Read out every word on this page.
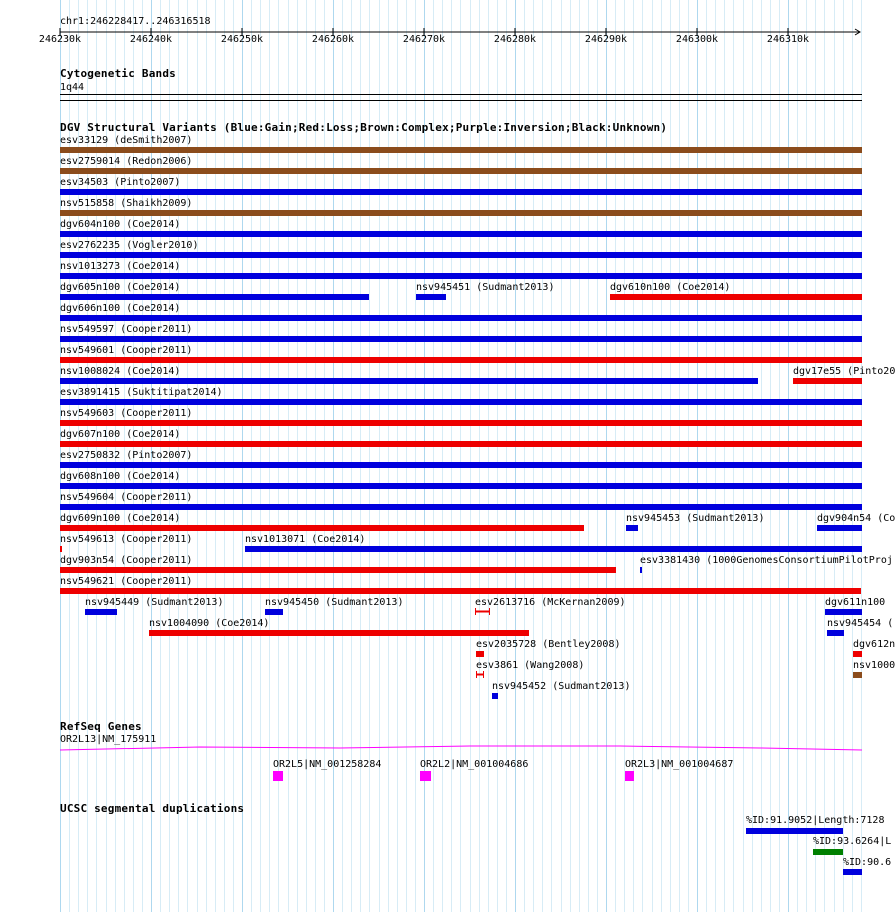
chr1:246228417..246316518
246230k	246240k	246250k	246260k	246270k	246280k	246290k	246300k	246310k
Cytogenetic Bands
1q44
DGV Structural Variants (Blue:Gain;Red:Loss;Brown:Complex;Purple:Inversion;Black:Unknown)
esv33129 (deSmith2007)
esv2759014 (Redon2006)
esv34503 (Pinto2007)
nsv515858 (Shaikh2009)
dgv604n100 (Coe2014)
esv2762235 (Vogler2010)
nsv1013273 (Coe2014)
dgv605n100 (Coe2014)	nsv945451 (Sudmant2013)	dgv610n100 (Coe2014)
dgv606n100 (Coe2014)
nsv549597 (Cooper2011)
nsv549601 (Cooper2011)
nsv1008024 (Coe2014)	dgv17e55 (Pinto20
esv3891415 (Suktitipat2014)
nsv549603 (Cooper2011)
dgv607n100 (Coe2014)
esv2750832 (Pinto2007)
dgv608n100 (Coe2014)
nsv549604 (Cooper2011)
dgv609n100 (Coe2014)	nsv945453 (Sudmant2013)	dgv904n54 (Co
nsv549613 (Cooper2011)	nsv1013071 (Coe2014)
dgv903n54 (Cooper2011)	esv3381430 (1000GenomesConsortiumPilotProj
nsv549621 (Cooper2011)
nsv945449 (Sudmant2013)	nsv945450 (Sudmant2013)	esv2613716 (McKernan2009)	dgv611n100
nsv1004090 (Coe2014)	nsv945454 (
esv2035728 (Bentley2008)	dgv612n
esv3861 (Wang2008)	nsv1000
nsv945452 (Sudmant2013)
RefSeq Genes
OR2L13|NM_175911
OR2L5|NM_001258284	OR2L2|NM_001004686	OR2L3|NM_001004687
UCSC segmental duplications
%ID:91.9052|Length:7128
%ID:93.6264|L
%ID:90.6
